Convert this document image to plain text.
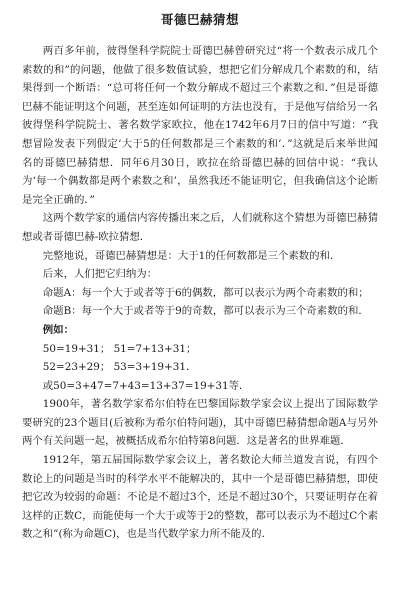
哥德巴赫猜想

两百多年前，彼得堡科学院院士哥德巴赫曾研究过“将一个数表示成几个素数的和”的问题，他做了很多数值试验，想把它们分解成几个素数的和，结果得到一个断语：“总可将任何一个数分解成不超过三个素数之和．”但是哥德巴赫不能证明这个问题，甚至连如何证明的方法也没有，于是他写信给另一名彼得堡科学院院士、著名数学家欧拉，他在1742年6月7日的信中写道：“我想冒险发表下列假定‘大于5的任何数都是三个素数的和’．”这就是后来举世闻名的哥德巴赫猜想．同年6月30日，欧拉在给哥德巴赫的回信中说：“我认为‘每一个偶数都是两个素数之和’，虽然我还不能证明它，但我确信这个论断是完全正确的．”

这两个数学家的通信内容传播出来之后，人们就称这个猜想为哥德巴赫猜想或者哥德巴赫-欧拉猜想．

完整地说，哥德巴赫猜想是：大于1的任何数都是三个素数的和．

后来，人们把它归纳为：

命题A：每一个大于或者等于6的偶数，都可以表示为两个奇素数的和；

命题B：每一个大于或者等于9的奇数，都可以表示为三个奇素数的和．

例如：

50=19+31； 51=7+13+31；

52=23+29； 53=3+19+31．

或50=3+47=7+43=13+37=19+31等．

1900年，著名数学家希尔伯特在巴黎国际数学家会议上提出了国际数学要研究的23个题目(后被称为希尔伯特问题)，其中哥德巴赫猜想命题A与另外两个有关问题一起，被概括成希尔伯特第8问题．这是著名的世界难题．

1912年，第五届国际数学家会议上，著名数论大师兰道发言说，有四个数论上的问题是当时的科学水平不能解决的，其中一个是哥德巴赫猜想，即使把它改为较弱的命题：不论是不超过3个，还是不超过30个，只要证明存在着这样的正数C，而能使每一个大于或等于2的整数，都可以表示为不超过C个素数之和”(称为命题C)，也是当代数学家力所不能及的．
